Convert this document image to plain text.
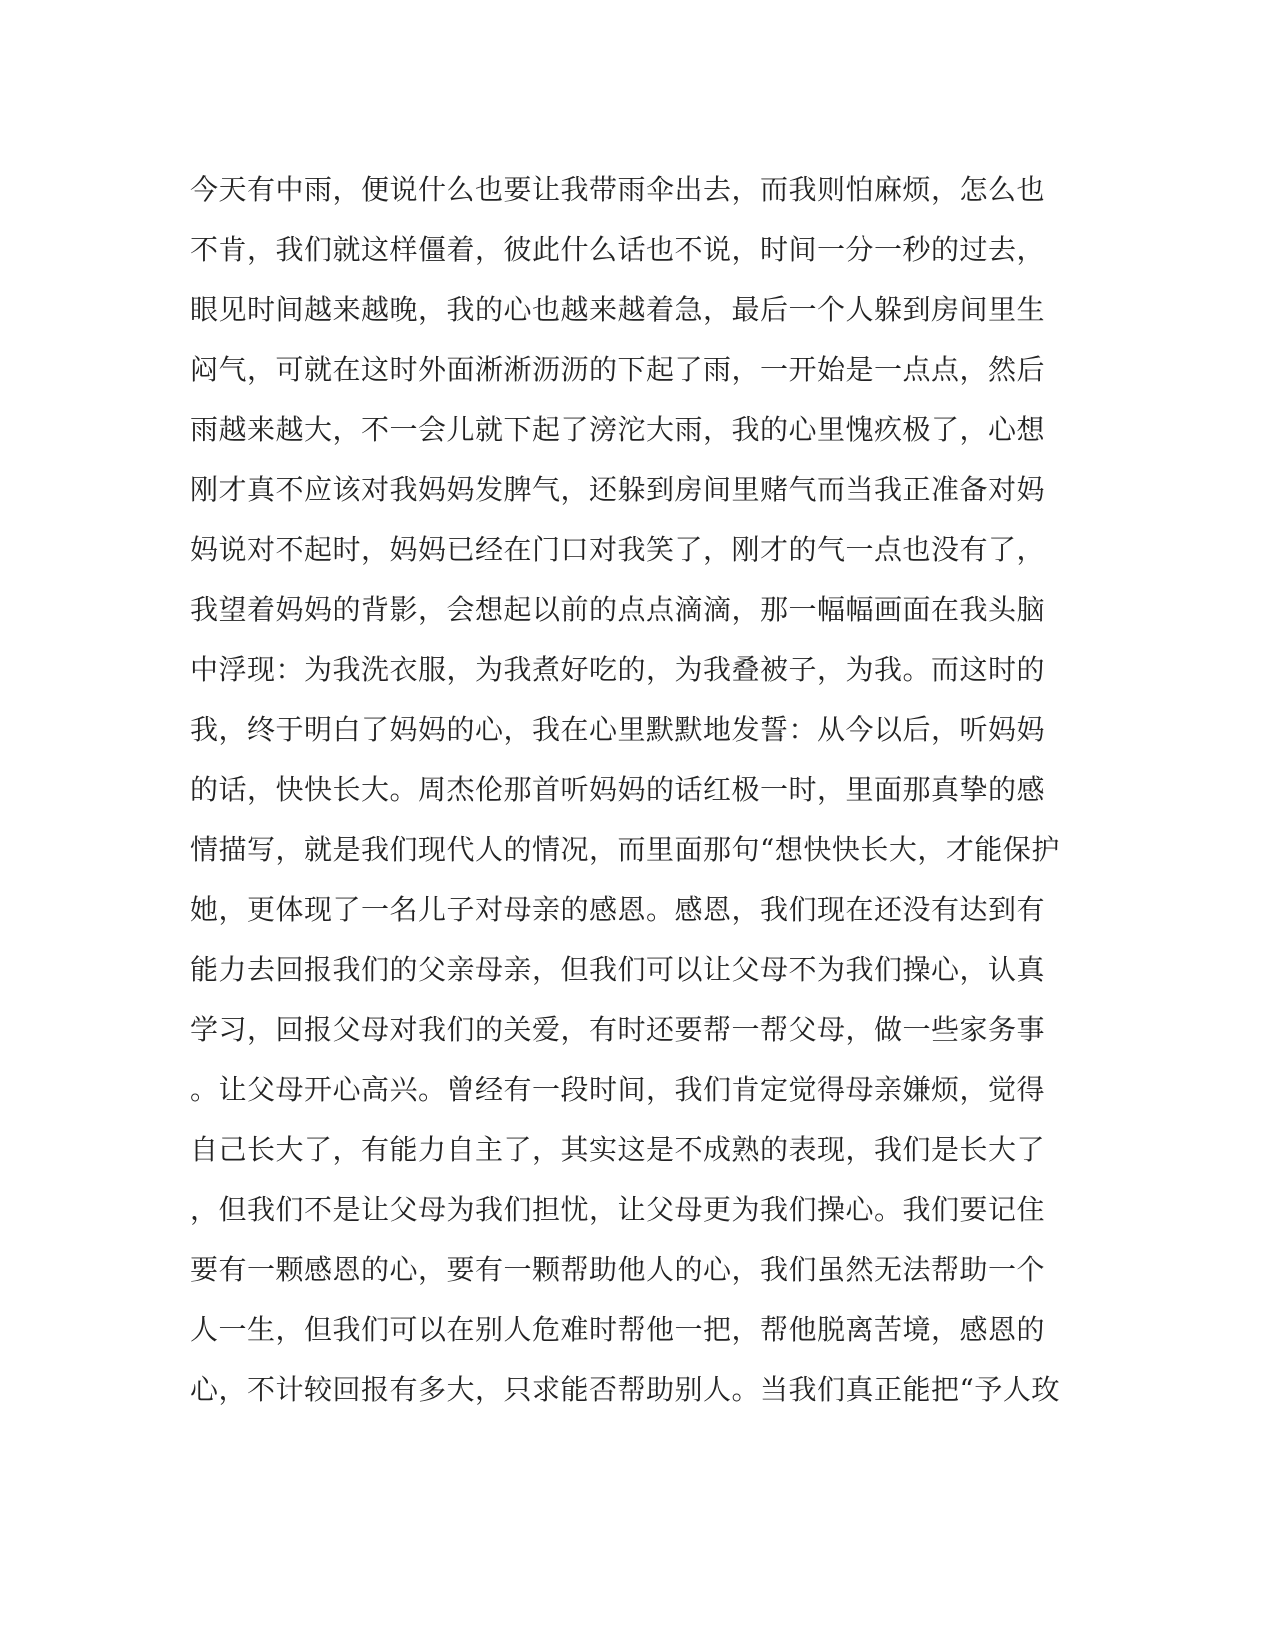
今天有中雨，便说什么也要让我带雨伞出去，而我则怕麻烦，怎么也
不肯，我们就这样僵着，彼此什么话也不说，时间一分一秒的过去，
眼见时间越来越晚，我的心也越来越着急，最后一个人躲到房间里生
闷气，可就在这时外面淅淅沥沥的下起了雨，一开始是一点点，然后
雨越来越大，不一会儿就下起了滂沱大雨，我的心里愧疚极了，心想
刚才真不应该对我妈妈发脾气，还躲到房间里赌气而当我正准备对妈
妈说对不起时，妈妈已经在门口对我笑了，刚才的气一点也没有了，
我望着妈妈的背影，会想起以前的点点滴滴，那一幅幅画面在我头脑
中浮现：为我洗衣服，为我煮好吃的，为我叠被子，为我。而这时的
我，终于明白了妈妈的心，我在心里默默地发誓：从今以后，听妈妈
的话，快快长大。周杰伦那首听妈妈的话红极一时，里面那真挚的感
情描写，就是我们现代人的情况，而里面那句“想快快长大，才能保护
她，更体现了一名儿子对母亲的感恩。感恩，我们现在还没有达到有
能力去回报我们的父亲母亲，但我们可以让父母不为我们操心，认真
学习，回报父母对我们的关爱，有时还要帮一帮父母，做一些家务事
。让父母开心高兴。曾经有一段时间，我们肯定觉得母亲嫌烦，觉得
自己长大了，有能力自主了，其实这是不成熟的表现，我们是长大了
，但我们不是让父母为我们担忧，让父母更为我们操心。我们要记住
要有一颗感恩的心，要有一颗帮助他人的心，我们虽然无法帮助一个
人一生，但我们可以在别人危难时帮他一把，帮他脱离苦境，感恩的
心，不计较回报有多大，只求能否帮助别人。当我们真正能把“予人玫
